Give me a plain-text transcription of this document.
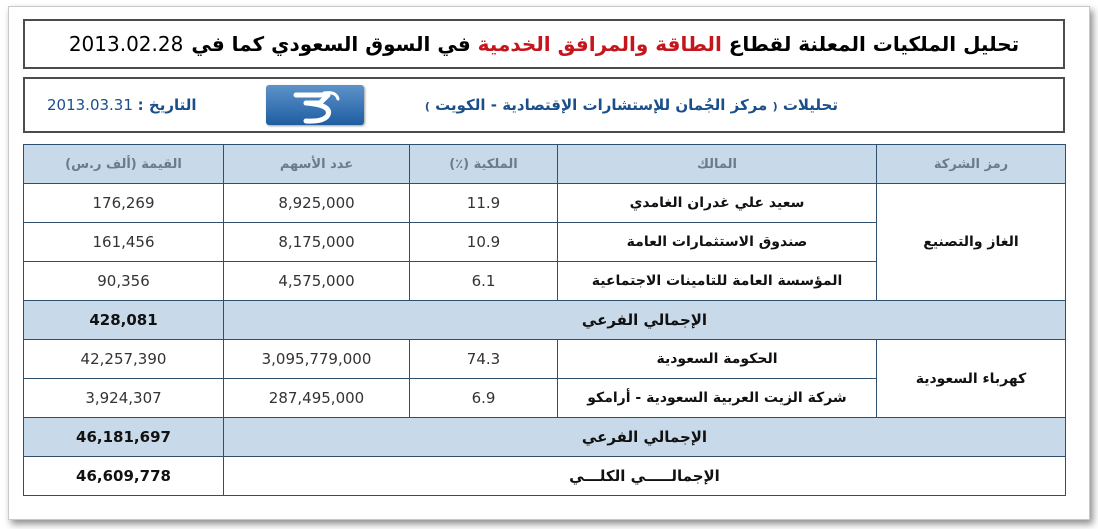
تحليل الملكيات المعلنة لقطاع

الطاقة والمرافق الخدمية

في السوق السعودي كما في
2013.02.28
تحليلات ( مركز الجُمان للإستشارات الإقتصادية - الكويت )
التاريخ : 2013.03.31
رمز الشركة	المالك	الملكية (٪)	عدد الأسهم	القيمة (ألف ر.س)
الغاز والتصنيع	سعيد علي غدران الغامدي	11.9	8,925,000	176,269
	صندوق الاستثمارات العامة	10.9	8,175,000	161,456
	المؤسسة العامة للتامينات الاجتماعية	6.1	4,575,000	90,356
الإجمالي الفرعي				428,081
كهرباء السعودية	الحكومة السعودية	74.3	3,095,779,000	42,257,390
	شركة الزيت العربية السعودية - أرامكو	6.9	287,495,000	3,924,307
الإجمالي الفرعي				46,181,697
الإجمالـــــي الكلـــي				46,609,778
